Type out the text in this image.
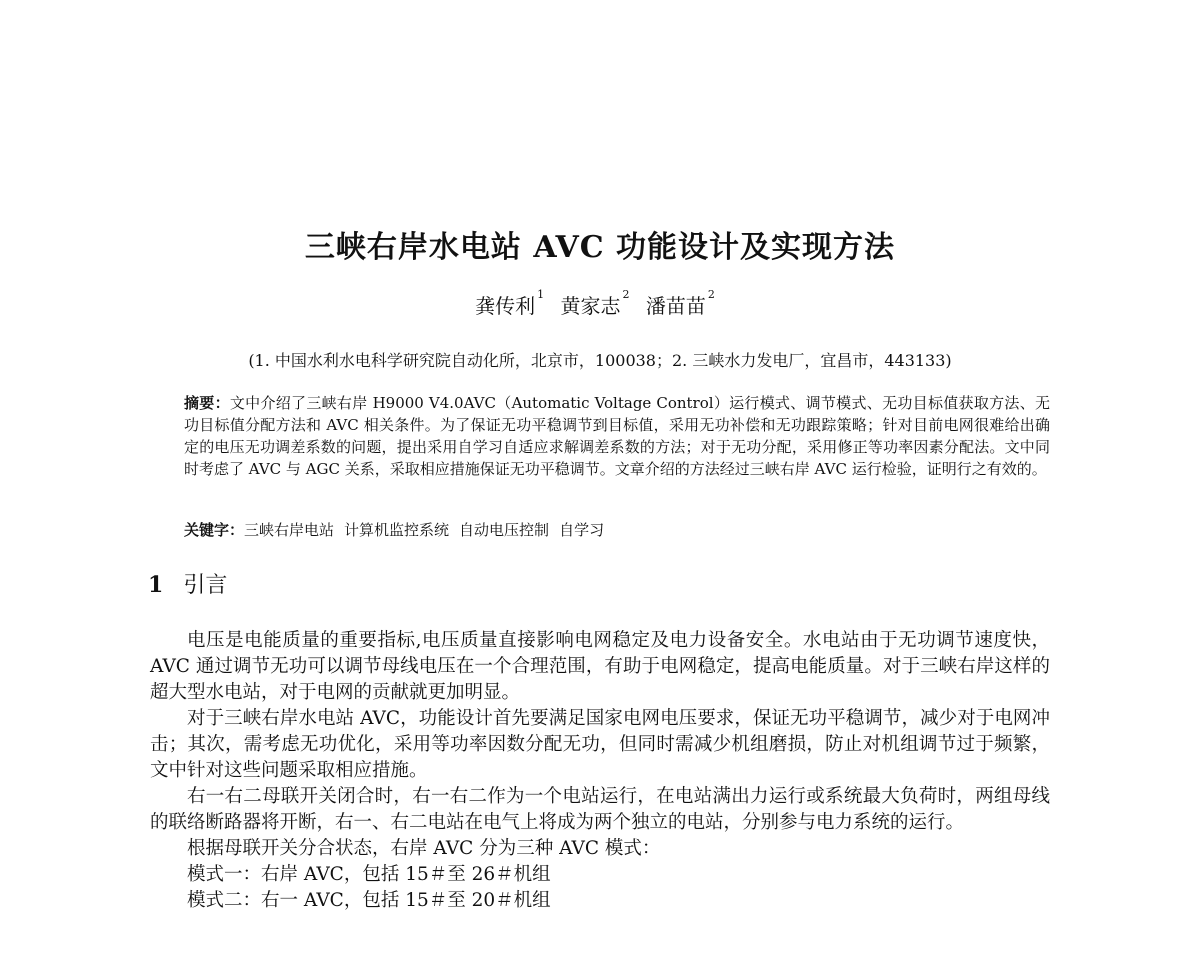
三峡右岸水电站 AVC 功能设计及实现方法
龚传利 $^1$ 黄家志 $^2$ 潘苗苗 $^2$
(1. 中国水利水电科学研究院自动化所，北京市，100038；2. 三峡水力发电厂，宜昌市，443133)
摘要：文中介绍了三峡右岸 H9000 V4.0AVC（Automatic Voltage Control）运行模式、调节模式、无功目标值获取方法、无功目标值分配方法和 AVC 相关条件。为了保证无功平稳调节到目标值，采用无功补偿和无功跟踪策略；针对目前电网很难给出确定的电压无功调差系数的问题，提出采用自学习自适应求解调差系数的方法；对于无功分配，采用修正等功率因素分配法。文中同时考虑了 AVC 与 AGC 关系，采取相应措施保证无功平稳调节。文章介绍的方法经过三峡右岸 AVC 运行检验，证明行之有效的。
关键字：三峡右岸电站 计算机监控系统 自动电压控制 自学习
1 引言

电压是电能质量的重要指标,电压质量直接影响电网稳定及电力设备安全。水电站由于无功调节速度快，AVC 通过调节无功可以调节母线电压在一个合理范围，有助于电网稳定，提高电能质量。对于三峡右岸这样的超大型水电站，对于电网的贡献就更加明显。

对于三峡右岸水电站 AVC，功能设计首先要满足国家电网电压要求，保证无功平稳调节，减少对于电网冲击；其次，需考虑无功优化，采用等功率因数分配无功，但同时需减少机组磨损，防止对机组调节过于频繁，文中针对这些问题采取相应措施。

右一右二母联开关闭合时，右一右二作为一个电站运行，在电站满出力运行或系统最大负荷时，两组母线的联络断路器将开断，右一、右二电站在电气上将成为两个独立的电站，分别参与电力系统的运行。

根据母联开关分合状态，右岸 AVC 分为三种 AVC 模式：

模式一：右岸 AVC，包括 15＃至 26＃机组

模式二：右一 AVC，包括 15＃至 20＃机组
